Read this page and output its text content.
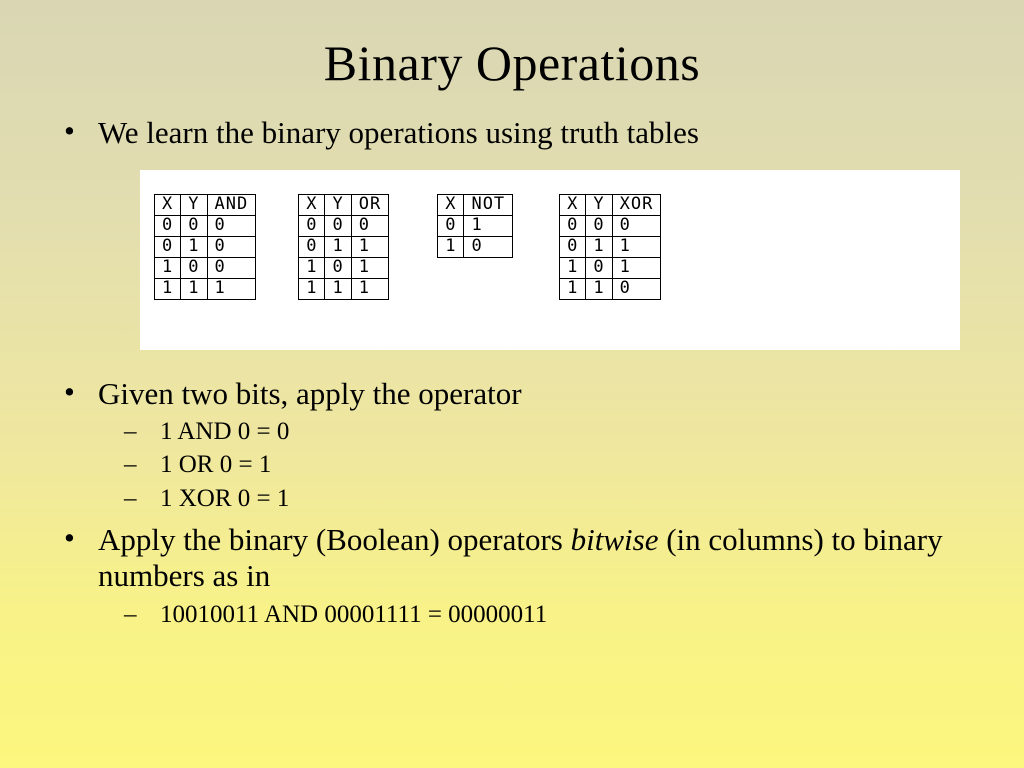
Binary Operations

• We learn the binary operations using truth tables

X	Y	AND
0	0	0
0	1	0
1	0	0
1	1	1
X	Y	OR
0	0	0
0	1	1
1	0	1
1	1	1
X	NOT
0	1
1	0
X	Y	XOR
0	0	0
0	1	1
1	0	1
1	1	0

• Given two bits, apply the operator

– 1 AND 0 = 0

– 1 OR 0 = 1

– 1 XOR 0 = 1

• Apply the binary (Boolean) operators bitwise (in columns) to binary numbers as in

– 10010011 AND 00001111 = 00000011
